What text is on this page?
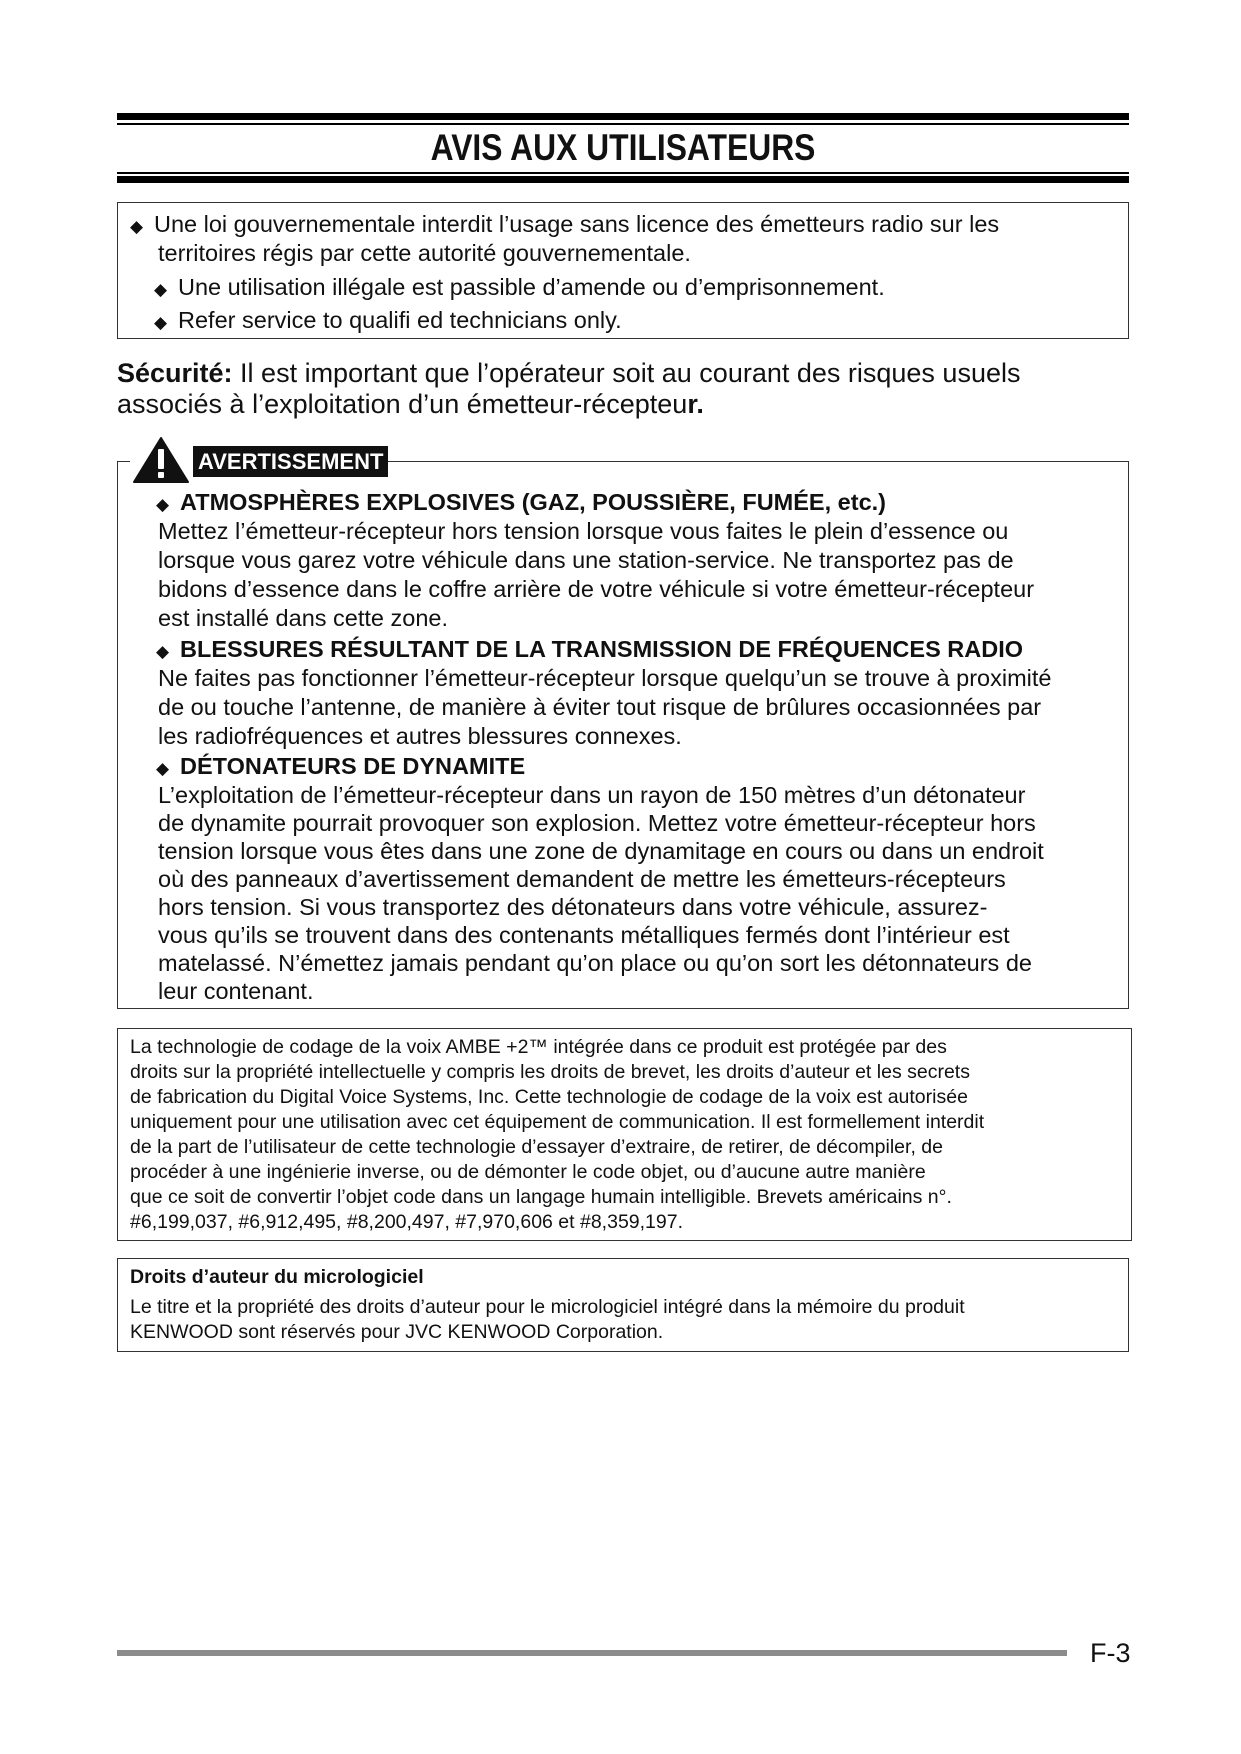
AVIS AUX UTILISATEURS
◆ Une loi gouvernementale interdit l’usage sans licence des émetteurs radio sur les
territoires régis par cette autorité gouvernementale.
◆ Une utilisation illégale est passible d’amende ou d’emprisonnement.
◆ Refer service to qualifi ed technicians only.
Sécurité: Il est important que l’opérateur soit au courant des risques usuels
associés à l’exploitation d’un émetteur-récepteur.
◆ ATMOSPHÈRES EXPLOSIVES (GAZ, POUSSIÈRE, FUMÉE, etc.)
Mettez l’émetteur-récepteur hors tension lorsque vous faites le plein d’essence ou
lorsque vous garez votre véhicule dans une station-service. Ne transportez pas de
bidons d’essence dans le coffre arrière de votre véhicule si votre émetteur-récepteur
est installé dans cette zone.
◆ BLESSURES RÉSULTANT DE LA TRANSMISSION DE FRÉQUENCES RADIO
Ne faites pas fonctionner l’émetteur-récepteur lorsque quelqu’un se trouve à proximité
de ou touche l’antenne, de manière à éviter tout risque de brûlures occasionnées par
les radiofréquences et autres blessures connexes.
◆ DÉTONATEURS DE DYNAMITE
L’exploitation de l’émetteur-récepteur dans un rayon de 150 mètres d’un détonateur
de dynamite pourrait provoquer son explosion. Mettez votre émetteur-récepteur hors
tension lorsque vous êtes dans une zone de dynamitage en cours ou dans un endroit
où des panneaux d’avertissement demandent de mettre les émetteurs-récepteurs
hors tension. Si vous transportez des détonateurs dans votre véhicule, assurez-
vous qu’ils se trouvent dans des contenants métalliques fermés dont l’intérieur est
matelassé. N’émettez jamais pendant qu’on place ou qu’on sort les détonnateurs de
leur contenant.
AVERTISSEMENT
La technologie de codage de la voix AMBE +2™ intégrée dans ce produit est protégée par des
droits sur la propriété intellectuelle y compris les droits de brevet, les droits d’auteur et les secrets
de fabrication du Digital Voice Systems, Inc. Cette technologie de codage de la voix est autorisée
uniquement pour une utilisation avec cet équipement de communication. Il est formellement interdit
de la part de l’utilisateur de cette technologie d’essayer d’extraire, de retirer, de décompiler, de
procéder à une ingénierie inverse, ou de démonter le code objet, ou d’aucune autre manière
que ce soit de convertir l’objet code dans un langage humain intelligible. Brevets américains n°.
#6,199,037, #6,912,495, #8,200,497, #7,970,606 et #8,359,197.
Droits d’auteur du micrologiciel
Le titre et la propriété des droits d’auteur pour le micrologiciel intégré dans la mémoire du produit
KENWOOD sont réservés pour JVC KENWOOD Corporation.
F-3
